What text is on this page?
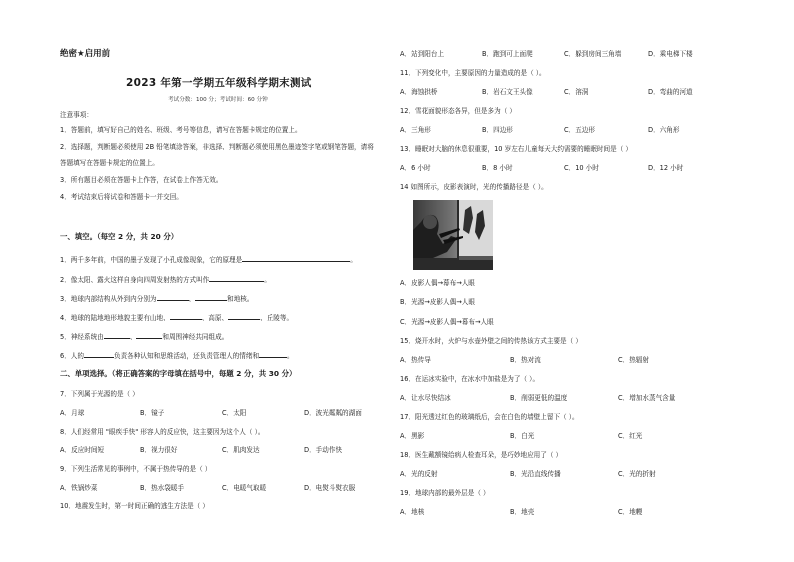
绝密★启用前
2023 年第一学期五年级科学期末测试
考试分数：100 分；考试时间：60 分钟
注意事项：
1．答题前，填写好自己的姓名、班级、考号等信息，请写在答题卡规定的位置上。
2．选择题，判断题必须使用 2B 铅笔填涂答案，非选择、判断题必须使用黑色墨迹签字笔或钢笔答题，请将
答题填写在答题卡规定的位置上。
3．所有题目必须在答题卡上作答，在试卷上作答无效。
4．考试结束后将试卷和答题卡一并交回。
一、填空。（每空 2 分，共 20 分）
1．两千多年前，中国的墨子发现了小孔成像现象，它的原理是	。
2．像太阳、露火这样自身向四周发射热的方式叫作	。
3．地球内部结构从外到内分别为	、	和地核。
4．地球的陆地地形地貌主要有山地、	、高原、	、丘陵等。
5．神经系统由	、	和周围神经共同组成。
6．人的	负责各种认知和思维活动，还负责管理人的情绪和	。
二、单项选择。（将正确答案的字母填在括号中，每题 2 分，共 30 分）
7．下列属于光源的是（ ）
A．月球	B．镜子	C．太阳	D．波光粼粼的湖面
8．人们经常用 "眼疾手快" 形容人的反应快，这主要因为这个人（ ）。
A．反应时间短	B．视力很好	C．肌肉发达	D．手动作快
9．下列生活常见的事例中，不属于热传导的是（ ）
A．铁锅炒菜	B．热水袋暖手	C．电暖气取暖	D．电熨斗熨衣服
10．地震发生时，第一时间正确的逃生方法是（ ）
A．站到阳台上	B．跑到可上面爬	C．躲到房间三角墙	D．乘电梯下楼
11．下列变化中，主要原因的力量造成的是（ ）。
A．海蚀拱桥	B．岩石文王头像	C．溶洞	D．弯曲的河道
12．雪花面貌形态各异，但是多为（ ）
A．三角形	B．四边形	C．五边形	D．六角形
13．睡眠对大脑的休息很重要，10 岁左右儿童每天大约需要的睡眠时间是（ ）
A．6 小时	B．8 小时	C．10 小时	D．12 小时
14 如图所示，皮影表演时，光的传播路径是（ ）。
A．皮影人偶→幕布→人眼
B．光源→皮影人偶→人眼
C．光源→皮影人偶→幕布→人眼
15．烧开水时，火炉与水壶外壁之间的传热该方式主要是（ ）
A．热传导	B．热对流	C．热辐射
16．在运冰实验中，在冰水中加盐是为了（ ）。
A．让水尽快结冰	B．削弱更低的温度	C．增加水蒸气含量
17．阳光透过红色的玻璃纸后，会在白色的墙壁上留下（ ）。
A．黑影	B．白光	C．红光
18．医生戴额镜给病人检查耳朵，是巧妙地应用了（ ）
A．光的反射	B．光沿直线传播	C．光的折射
19．地球内部的最外层是（ ）
A．地核	B．地壳	C．地幔
